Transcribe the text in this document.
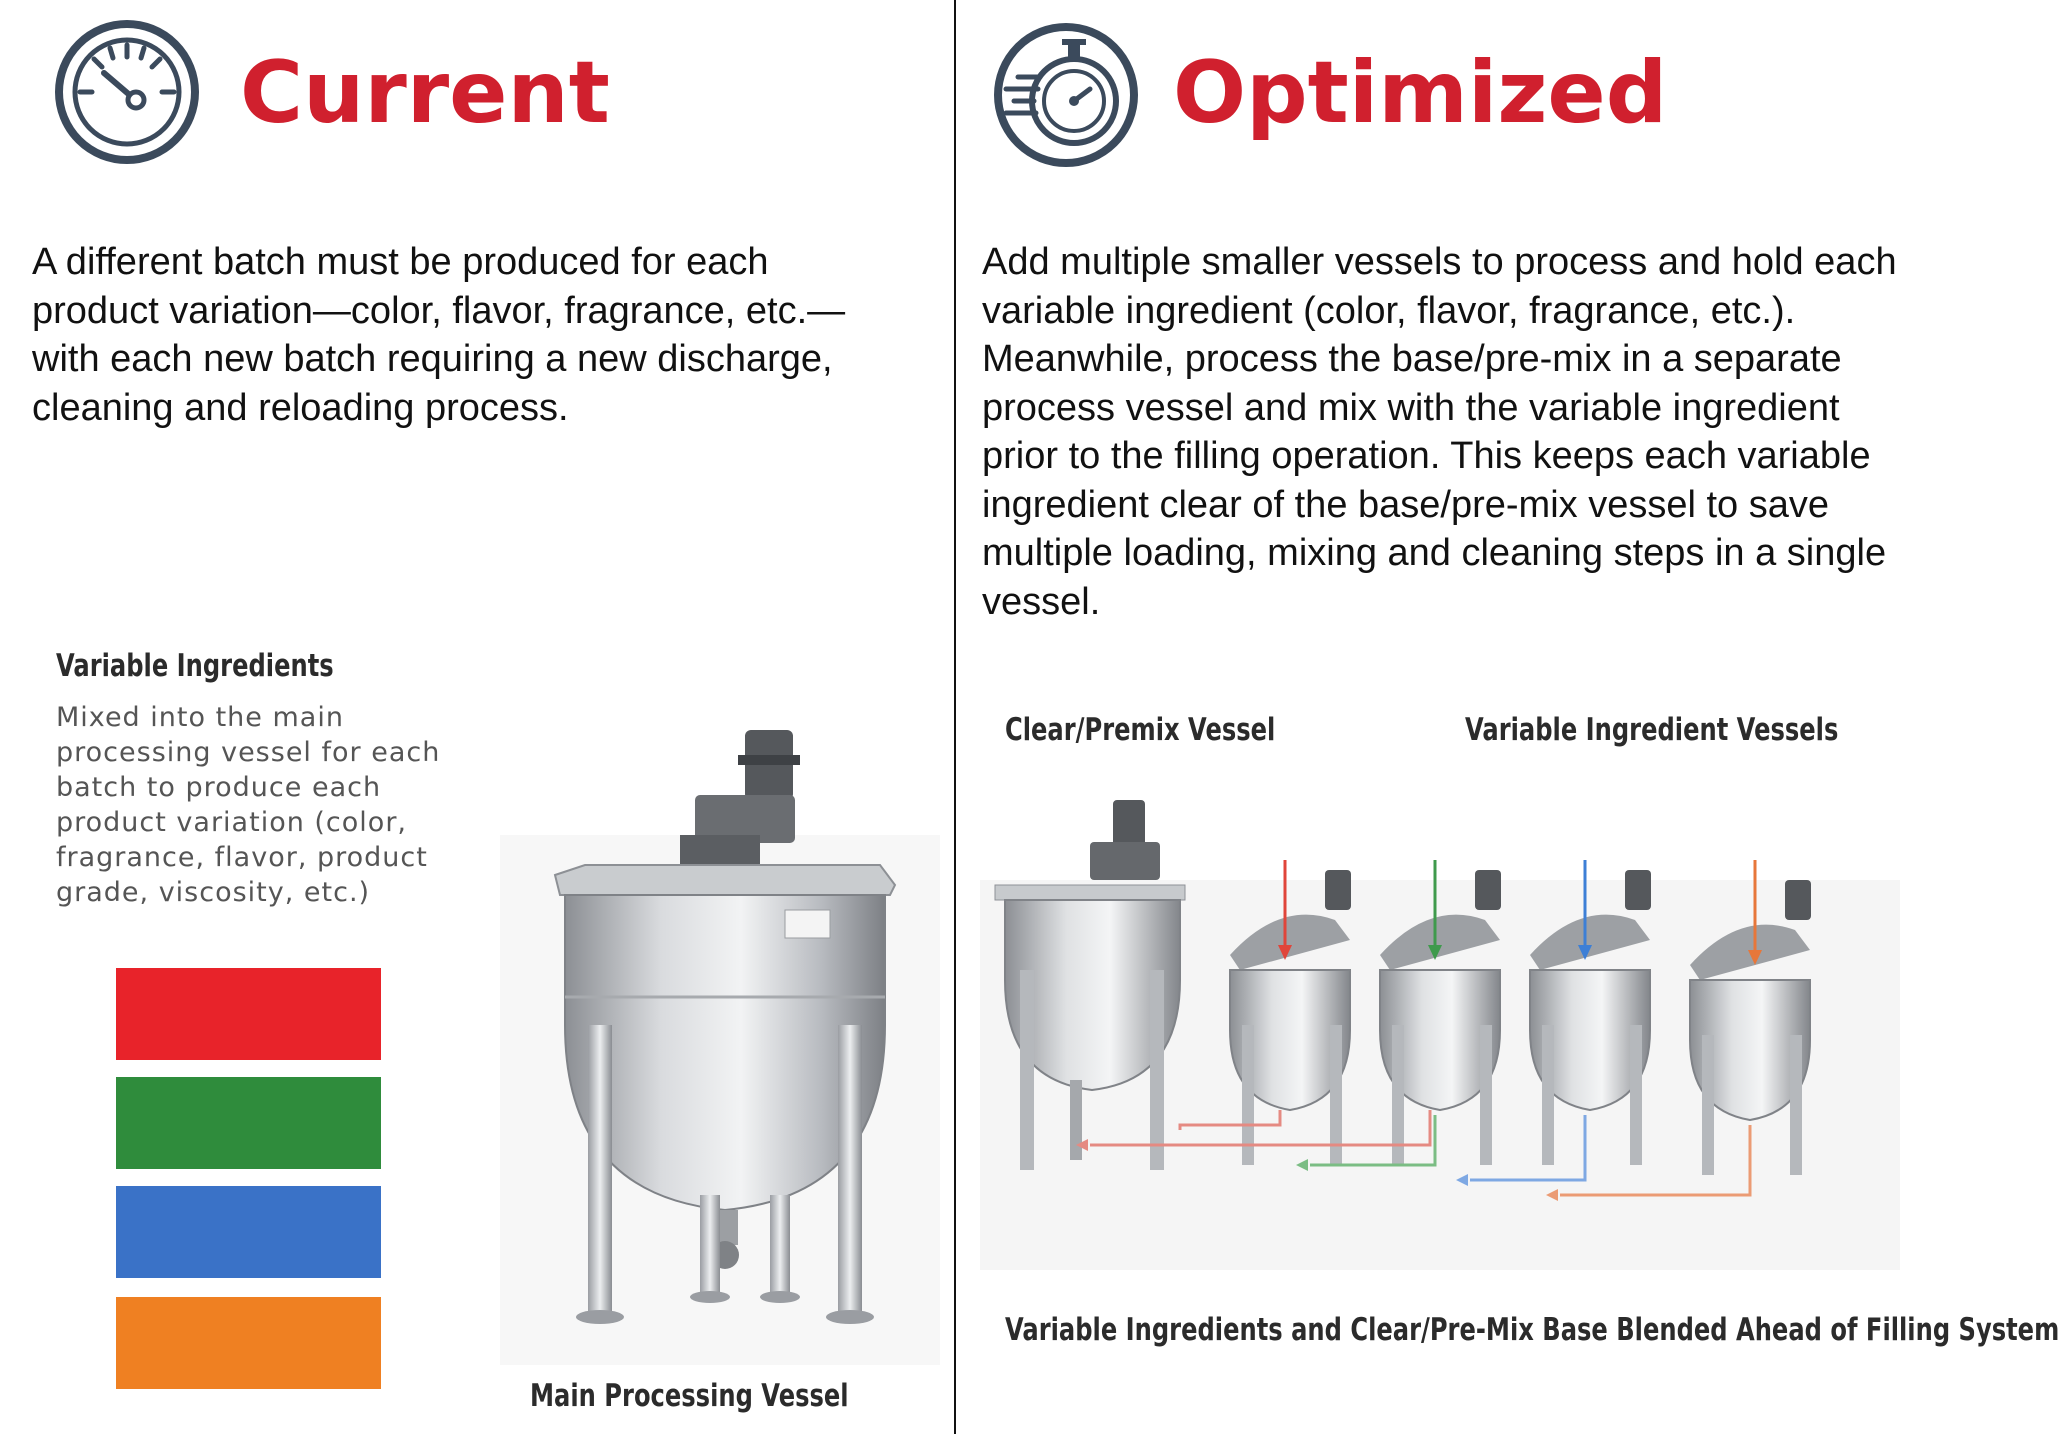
Current

A different batch must be produced for each product variation—color, flavor, fragrance, etc.— with each new batch requiring a new discharge, cleaning and reloading process.

Variable Ingredients

Mixed into the main processing vessel for each batch to produce each product variation (color, fragrance, flavor, product grade, viscosity, etc.)

Main Processing Vessel
Optimized

Add multiple smaller vessels to process and hold each variable ingredient (color, flavor, fragrance, etc.). Meanwhile, process the base/pre-mix in a separate process vessel and mix with the variable ingredient prior to the filling operation. This keeps each variable ingredient clear of the base/pre-mix vessel to save multiple loading, mixing and cleaning steps in a single vessel.

Clear/Premix Vessel	Variable Ingredient Vessels
Variable Ingredients and Clear/Pre-Mix Base Blended Ahead of Filling System
